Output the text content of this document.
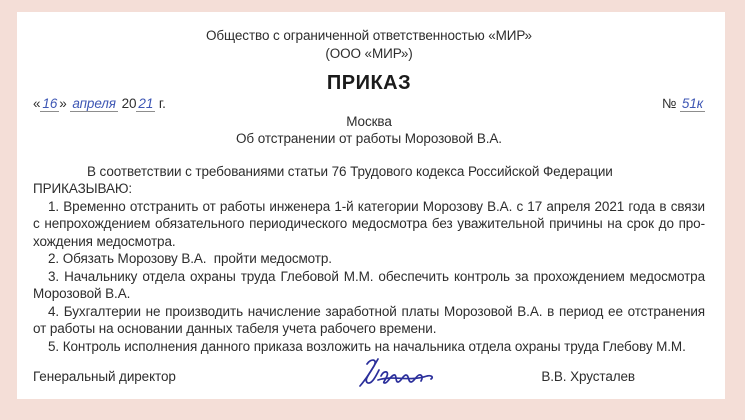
Общество с ограниченной ответственностью «МИР»
(ООО «МИР»)
ПРИКАЗ
« 16 » апреля 20 21 г.	№ 51к
Москва
Об отстранении от работы Морозовой В.А.
В соответствии с требованиями статьи 76 Трудового кодекса Российской Федерации
ПРИКАЗЫВАЮ:
1. Временно отстранить от работы инженера 1-й категории Морозову В.А. с 17 апреля 2021 года в связи
с непрохождением обязательного периодического медосмотра без уважительной причины на срок до про-
хождения медосмотра.
2. Обязать Морозову В.А.  пройти медосмотр.
3. Начальнику отдела охраны труда Глебовой М.М. обеспечить контроль за прохождением медосмотра
Морозовой В.А.
4. Бухгалтерии не производить начисление заработной платы Морозовой В.А. в период ее отстранения
от работы на основании данных табеля учета рабочего времени.
5. Контроль исполнения данного приказа возложить на начальника отдела охраны труда Глебову М.М.
Генеральный директор	В.В. Хрусталев
